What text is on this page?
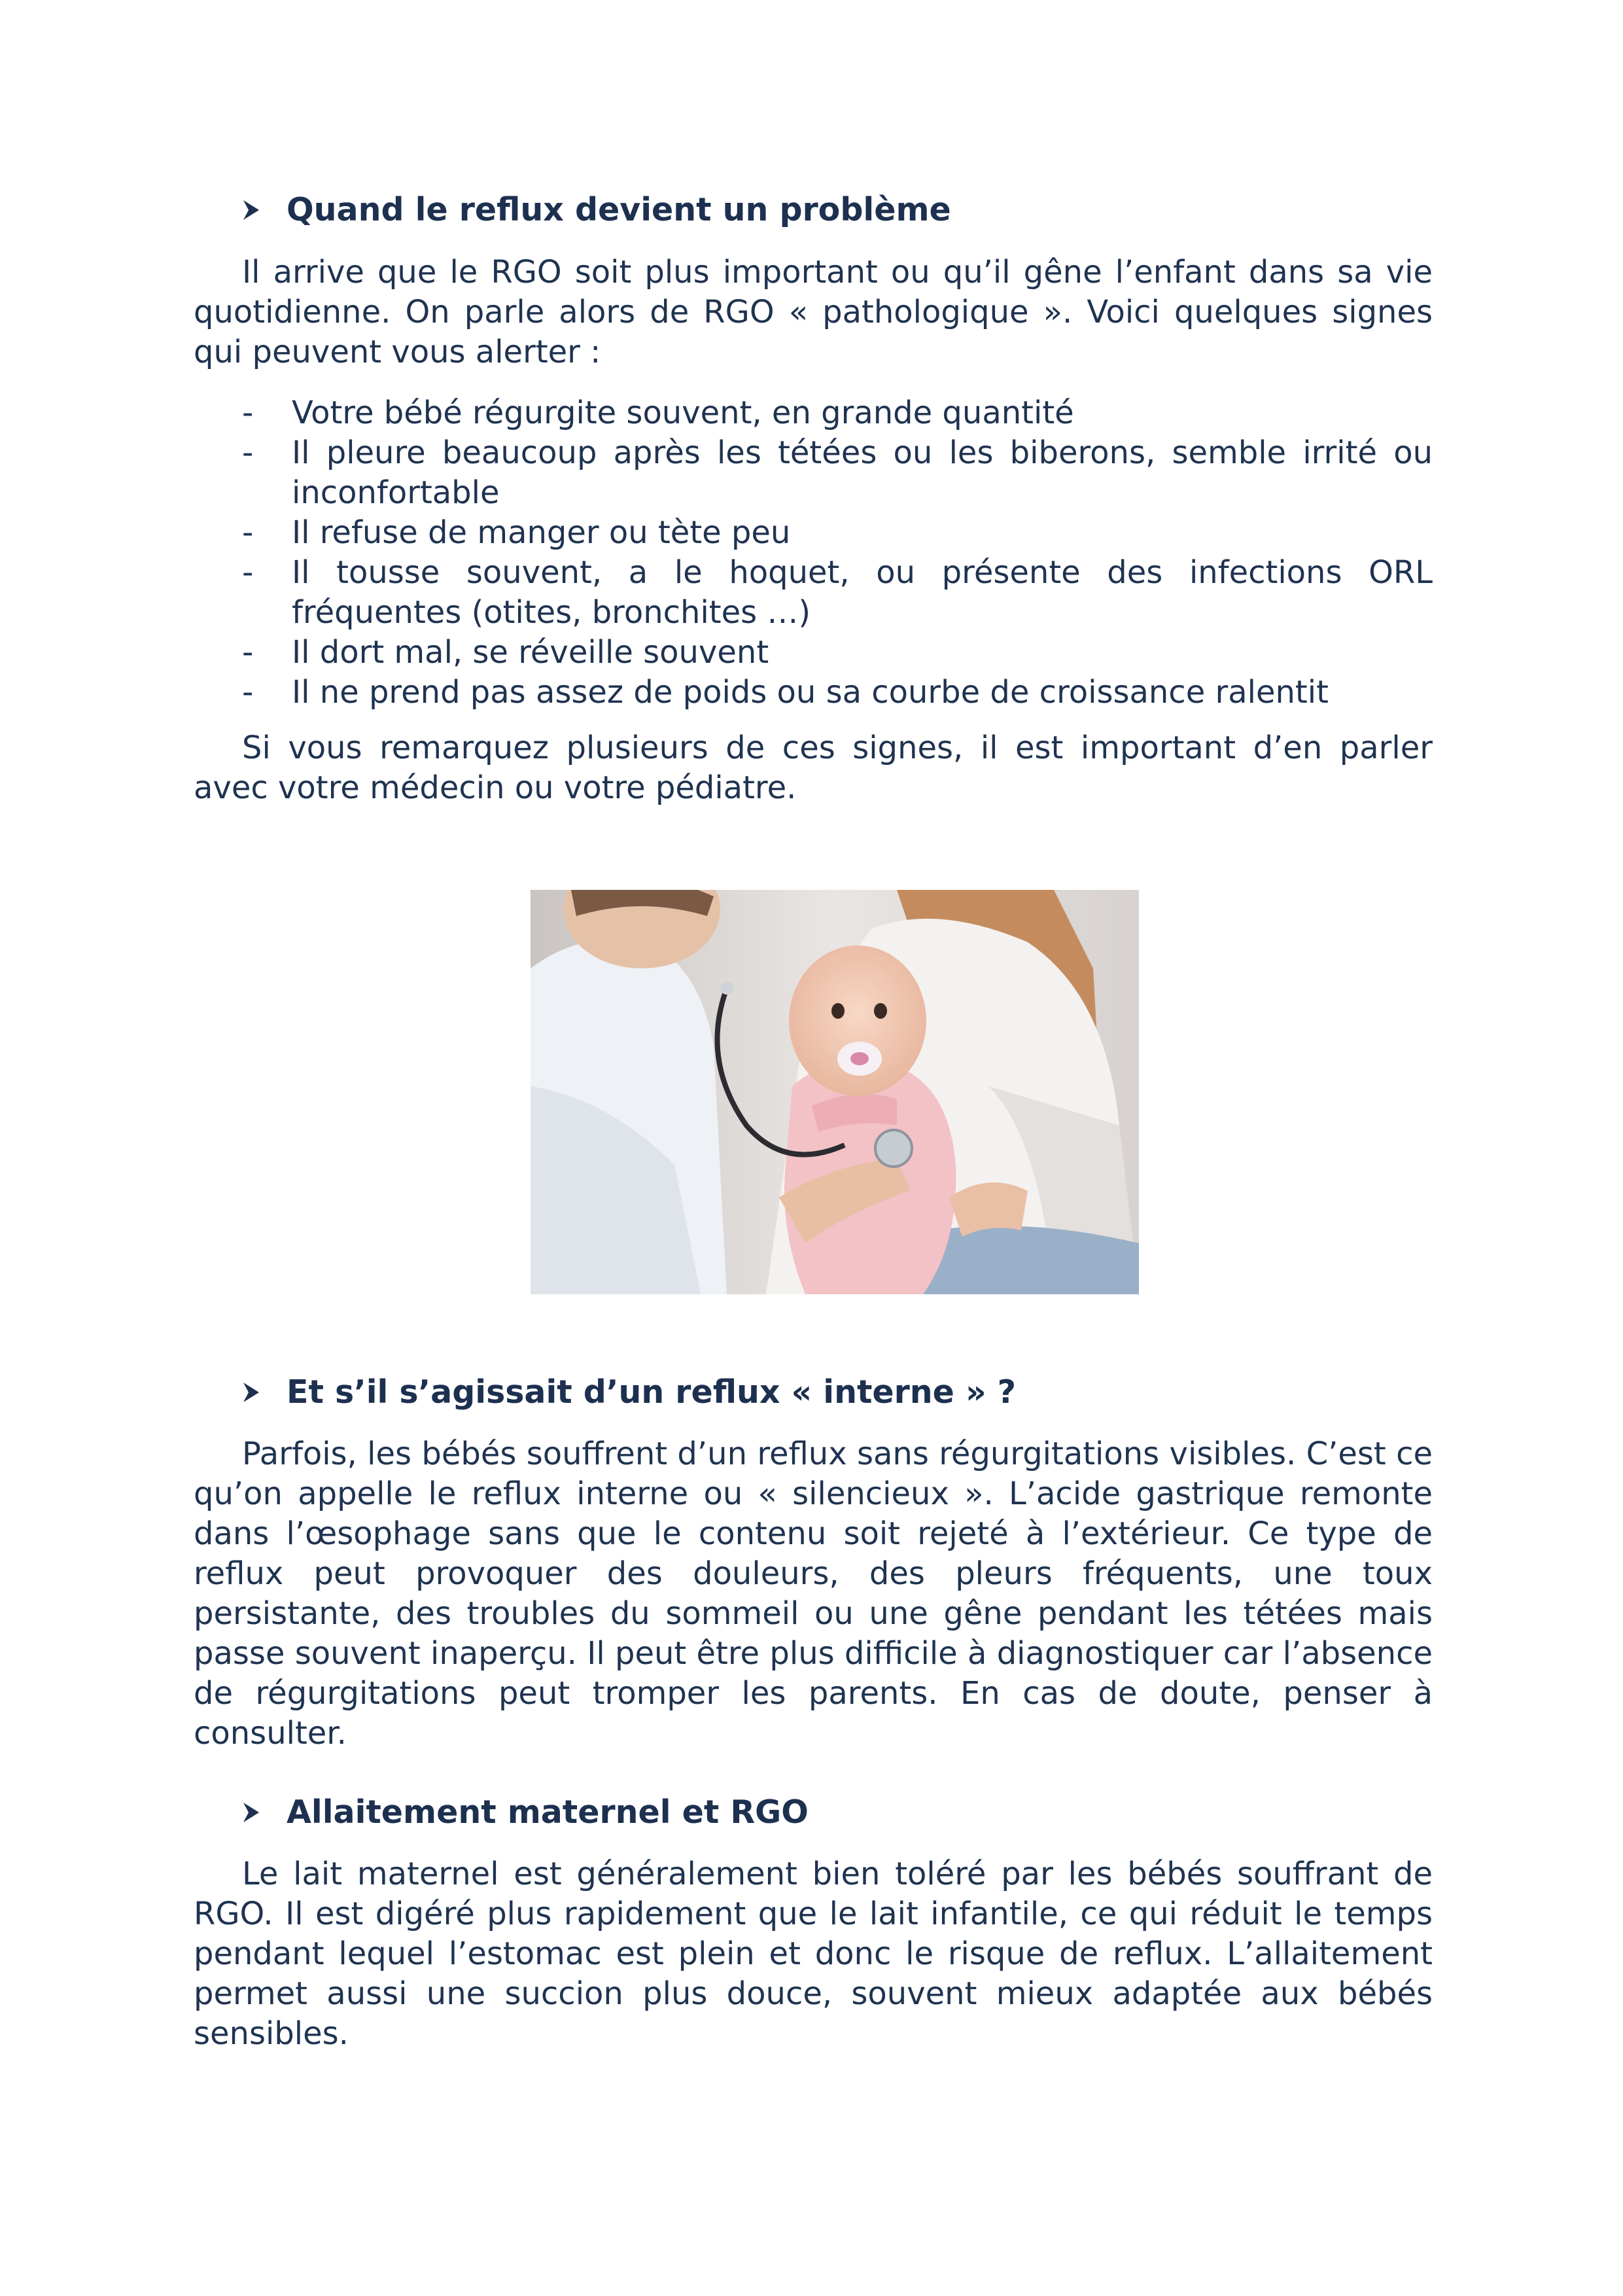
Quand le reflux devient un problème

Il arrive que le RGO soit plus important ou qu’il gêne l’enfant dans sa vie quotidienne. On parle alors de RGO « pathologique ». Voici quelques signes qui peuvent vous alerter :

- Votre bébé régurgite souvent, en grande quantité
- Il pleure beaucoup après les tétées ou les biberons, semble irrité ou inconfortable
- Il refuse de manger ou tète peu
- Il tousse souvent, a le hoquet, ou présente des infections ORL fréquentes (otites, bronchites …)
- Il dort mal, se réveille souvent
- Il ne prend pas assez de poids ou sa courbe de croissance ralentit

Si vous remarquez plusieurs de ces signes, il est important d’en parler avec votre médecin ou votre pédiatre.

Et s’il s’agissait d’un reflux « interne » ?

Parfois, les bébés souffrent d’un reflux sans régurgitations visibles. C’est ce qu’on appelle le reflux interne ou « silencieux ». L’acide gastrique remonte dans l’œsophage sans que le contenu soit rejeté à l’extérieur. Ce type de reflux peut provoquer des douleurs, des pleurs fréquents, une toux persistante, des troubles du sommeil ou une gêne pendant les tétées mais passe souvent inaperçu. Il peut être plus difficile à diagnostiquer car l’absence de régurgitations peut tromper les parents. En cas de doute, penser à consulter.

Allaitement maternel et RGO

Le lait maternel est généralement bien toléré par les bébés souffrant de RGO. Il est digéré plus rapidement que le lait infantile, ce qui réduit le temps pendant lequel l’estomac est plein et donc le risque de reflux. L’allaitement permet aussi une succion plus douce, souvent mieux adaptée aux bébés sensibles.
